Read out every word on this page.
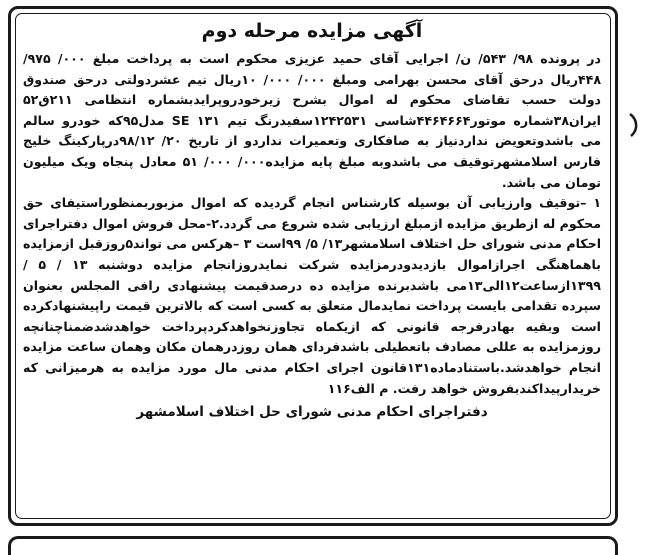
آگهی مزایده مرحله دوم

در پرونده ۹۸/ ۵۴۳/ ن/ اجرایی آقای حمید عزیزی محکوم است به پرداخت مبلغ ۰۰۰/ ۹۷۵/ ۴۴۸ریال درحق آقای محسن بهرامی ومبلغ ۰۰۰/ ۰۰۰/ ۱۰ریال نیم عشردولتی درحق صندوق دولت حسب تقاضای محکوم له اموال بشرح زیرخودروپرایدبشماره انتظامی ۲۱۱ق۵۲ ایران۳۸شماره موتور۴۴۶۴۶۶۴شاسی ۱۲۴۲۵۳۱سفیدرنگ تیم ۱۳۱ SE مدل۹۵که خودرو سالم می باشدوتعویض نداردنیاز به صافکاری وتعمیرات نداردو از تاریخ ۲۰/ ۹۸/۱۲درپارکینگ خلیج فارس اسلامشهرتوقیف می باشدوبه مبلغ پایه مزایده۰۰۰/ ۰۰۰/ ۵۱ معادل پنجاه ویک میلیون تومان می باشد.

۱ –توقیف وارزیابی آن بوسیله کارشناس انجام گردیده که اموال مزبوربمنظوراستیفای حق محکوم له ازطریق مزایده ازمبلغ ارزیابی شده شروع می گردد.۲-محل فروش اموال دفتراجرای احکام مدنی شورای حل اختلاف اسلامشهر۱۳/ ۵/ ۹۹است ۳ –هرکس می تواند۵روزقبل ازمزایده باهماهنگی اجرازاموال بازدیدودرمزایده شرکت نمایدروزانجام مزایده دوشنبه ۱۳ / ۵ /۱۳۹۹ازساعت۱۲الی۱۳می باشدبرنده مزایده ده درصدقیمت پیشنهادی رافی المجلس بعنوان سپرده تقدامی بایست پرداخت نمایدمال متعلق به کسی است که بالاترین قیمت راپیشنهادکرده است وبقیه بهادرفرجه قانونی که ازیکماه تجاوزنخواهدکردپرداخت خواهدشدضمناچنانچه روزمزایده به عللی مصادف باتعطیلی باشدفردای همان روزدرهمان مکان وهمان ساعت مزایده انجام خواهدشد.باستنادماده۱۳۱قانون اجرای احکام مدنی مال مورد مزایده به هرمیزانی که خریدارپیداکندبفروش خواهد رفت. م الف۱۱۶

دفتراجرای احکام مدنی شورای حل اختلاف اسلامشهر
